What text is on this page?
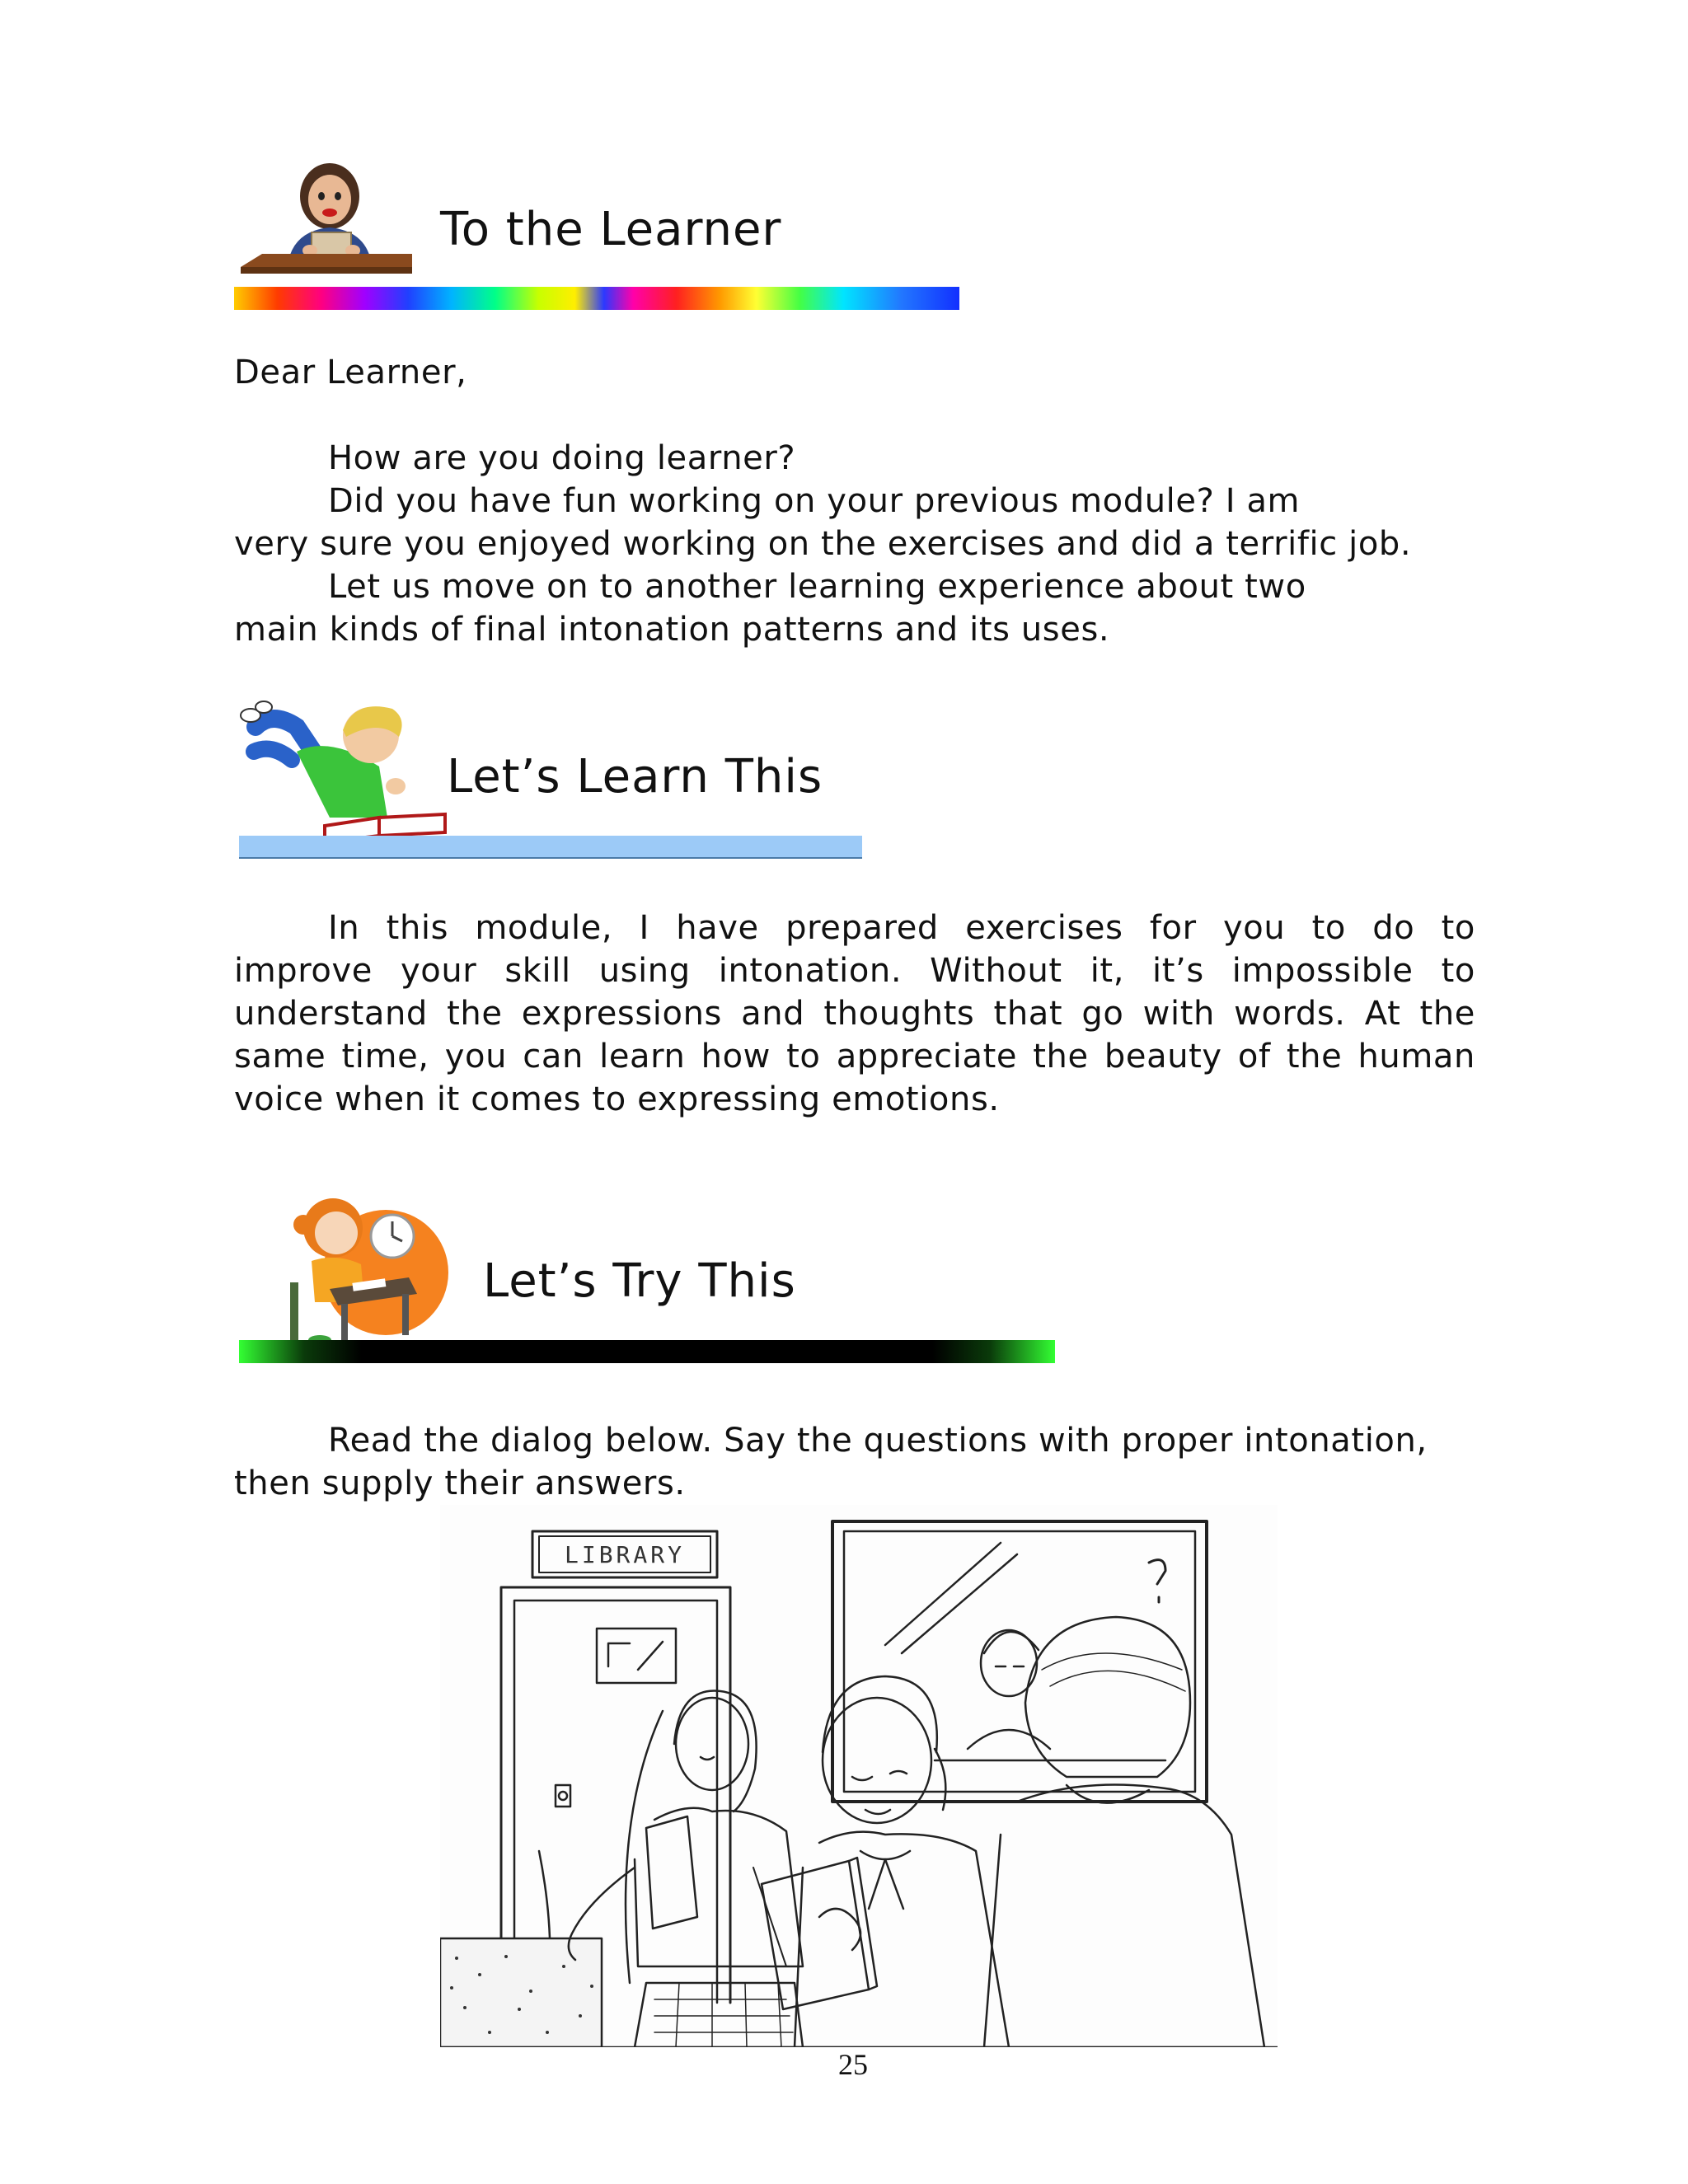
To the Learner

Dear Learner,

How are you doing learner?

Did you have fun working on your previous module? I am

very sure you enjoyed working on the exercises and did a terrific job.

Let us move on to another learning experience about two

main kinds of final intonation patterns and its uses.

Let’s Learn This
In this module, I have prepared exercises for you to do to
improve your skill using intonation. Without it, it’s impossible to
understand the expressions and thoughts that go with words. At the
same time, you can learn how to appreciate the beauty of the human
voice when it comes to expressing emotions.
Let’s Try This

Read the dialog below. Say the questions with proper intonation,

then supply their answers.

LIBRARY
25
